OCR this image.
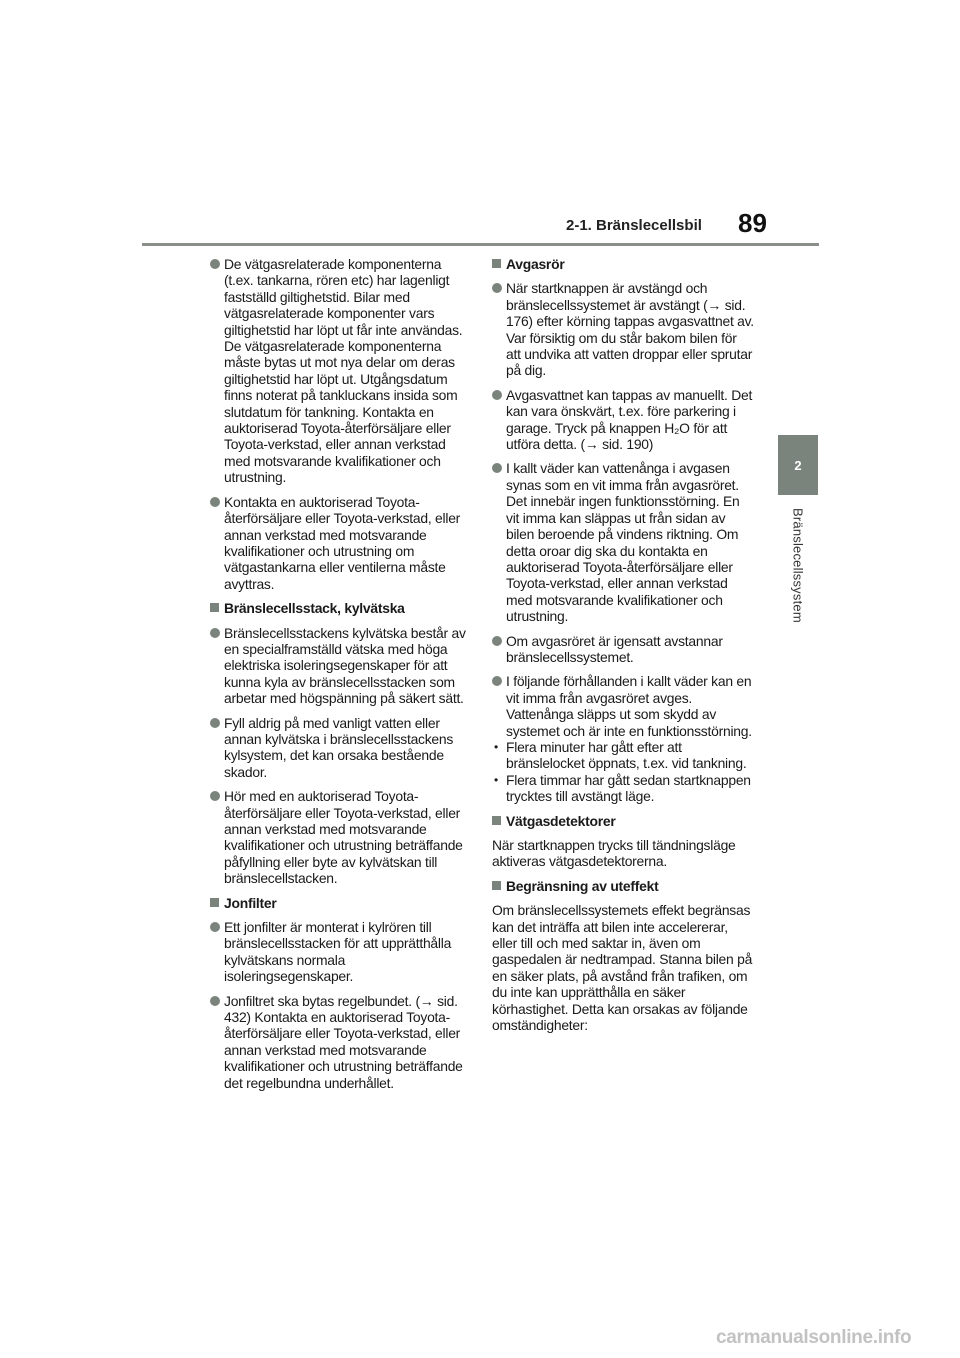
2-1. Bränslecellsbil 89
2
Bränslecellssystem
De vätgasrelaterade komponenterna (t.ex. tankarna, rören etc) har lagenligt fastställd giltighetstid. Bilar med vätgasrelaterade komponenter vars giltighetstid har löpt ut får inte användas. De vätgasrelaterade komponenterna måste bytas ut mot nya delar om deras giltighetstid har löpt ut. Utgångsdatum finns noterat på tankluckans insida som slutdatum för tankning. Kontakta en auktoriserad Toyota-återförsäljare eller Toyota-verkstad, eller annan verkstad med motsvarande kvalifikationer och utrustning.
Kontakta en auktoriserad Toyota-återförsäljare eller Toyota-verkstad, eller annan verkstad med motsvarande kvalifikationer och utrustning om vätgastankarna eller ventilerna måste avyttras.
Bränslecellsstack, kylvätska
Bränslecellsstackens kylvätska består av en specialframställd vätska med höga elektriska isoleringsegenskaper för att kunna kyla av bränslecellsstacken som arbetar med högspänning på säkert sätt.
Fyll aldrig på med vanligt vatten eller annan kylvätska i bränslecellsstackens kylsystem, det kan orsaka bestående skador.
Hör med en auktoriserad Toyota-återförsäljare eller Toyota-verkstad, eller annan verkstad med motsvarande kvalifikationer och utrustning beträffande påfyllning eller byte av kylvätskan till bränslecellstacken.
Jonfilter
Ett jonfilter är monterat i kylrören till bränslecellsstacken för att upprätthålla kylvätskans normala isoleringsegenskaper.
Jonfiltret ska bytas regelbundet. (→ sid. 432) Kontakta en auktoriserad Toyota-återförsäljare eller Toyota-verkstad, eller annan verkstad med motsvarande kvalifikationer och utrustning beträffande det regelbundna underhållet.
Avgasrör
När startknappen är avstängd och bränslecellssystemet är avstängt (→ sid. 176) efter körning tappas avgasvattnet av. Var försiktig om du står bakom bilen för att undvika att vatten droppar eller sprutar på dig.
Avgasvattnet kan tappas av manuellt. Det kan vara önskvärt, t.ex. före parkering i garage. Tryck på knappen H₂O för att utföra detta. (→ sid. 190)
I kallt väder kan vattenånga i avgasen synas som en vit imma från avgasröret. Det innebär ingen funktionsstörning. En vit imma kan släppas ut från sidan av bilen beroende på vindens riktning. Om detta oroar dig ska du kontakta en auktoriserad Toyota-återförsäljare eller Toyota-verkstad, eller annan verkstad med motsvarande kvalifikationer och utrustning.
Om avgasröret är igensatt avstannar bränslecellssystemet.
I följande förhållanden i kallt väder kan en vit imma från avgasröret avges. Vattenånga släpps ut som skydd av systemet och är inte en funktionsstörning.
• Flera minuter har gått efter att bränslelocket öppnats, t.ex. vid tankning.
• Flera timmar har gått sedan startknappen trycktes till avstängt läge.
Vätgasdetektorer
När startknappen trycks till tändningsläge aktiveras vätgasdetektorerna.
Begränsning av uteffekt
Om bränslecellssystemets effekt begränsas kan det inträffa att bilen inte accelererar, eller till och med saktar in, även om gaspedalen är nedtrampad. Stanna bilen på en säker plats, på avstånd från trafiken, om du inte kan upprätthålla en säker körhastighet. Detta kan orsakas av följande omständigheter:
carmanualsonline.info
